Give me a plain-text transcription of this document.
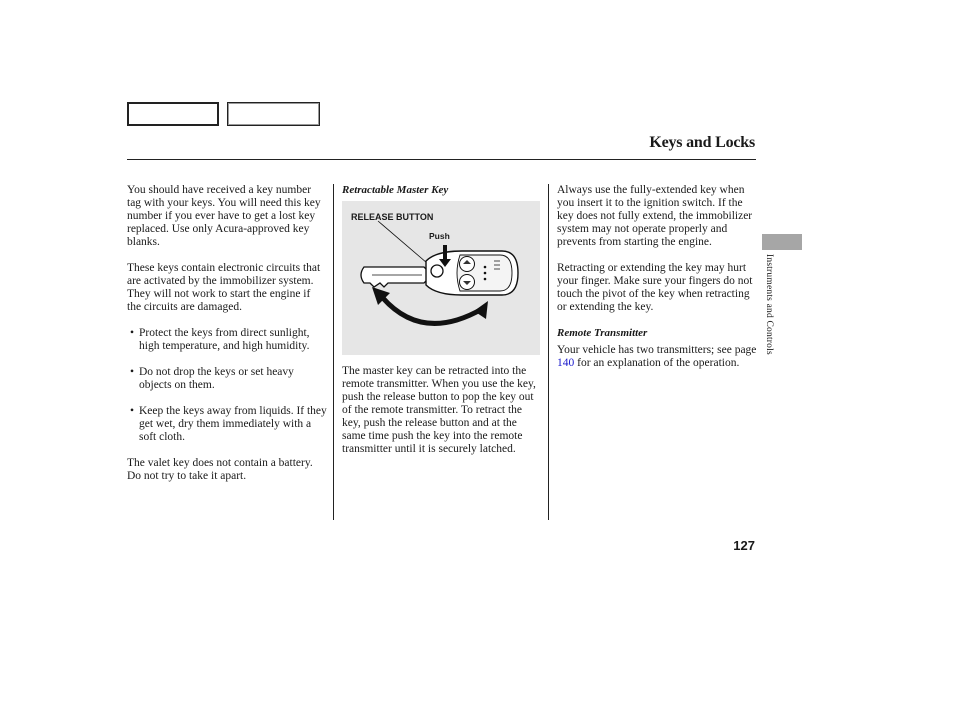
Keys and Locks

You should have received a key number tag with your keys. You will need this key number if you ever have to get a lost key replaced. Use only Acura-approved key blanks.

These keys contain electronic circuits that are activated by the immobilizer system. They will not work to start the engine if the circuits are damaged.

• Protect the keys from direct sunlight, high temperature, and high humidity.
• Do not drop the keys or set heavy objects on them.
• Keep the keys away from liquids. If they get wet, dry them immediately with a soft cloth.

The valet key does not contain a battery. Do not try to take it apart.

Retractable Master Key
RELEASE BUTTON
Push

The master key can be retracted into the remote transmitter. When you use the key, push the release button to pop the key out of the remote transmitter. To retract the key, push the release button and at the same time push the key into the remote transmitter until it is securely latched.

Always use the fully-extended key when you insert it to the ignition switch. If the key does not fully extend, the immobilizer system may not operate properly and prevents from starting the engine.

Retracting or extending the key may hurt your finger. Make sure your fingers do not touch the pivot of the key when retracting or extending the key.

Remote Transmitter

Your vehicle has two transmitters; see page 140 for an explanation of the operation.

Instruments and Controls
127
